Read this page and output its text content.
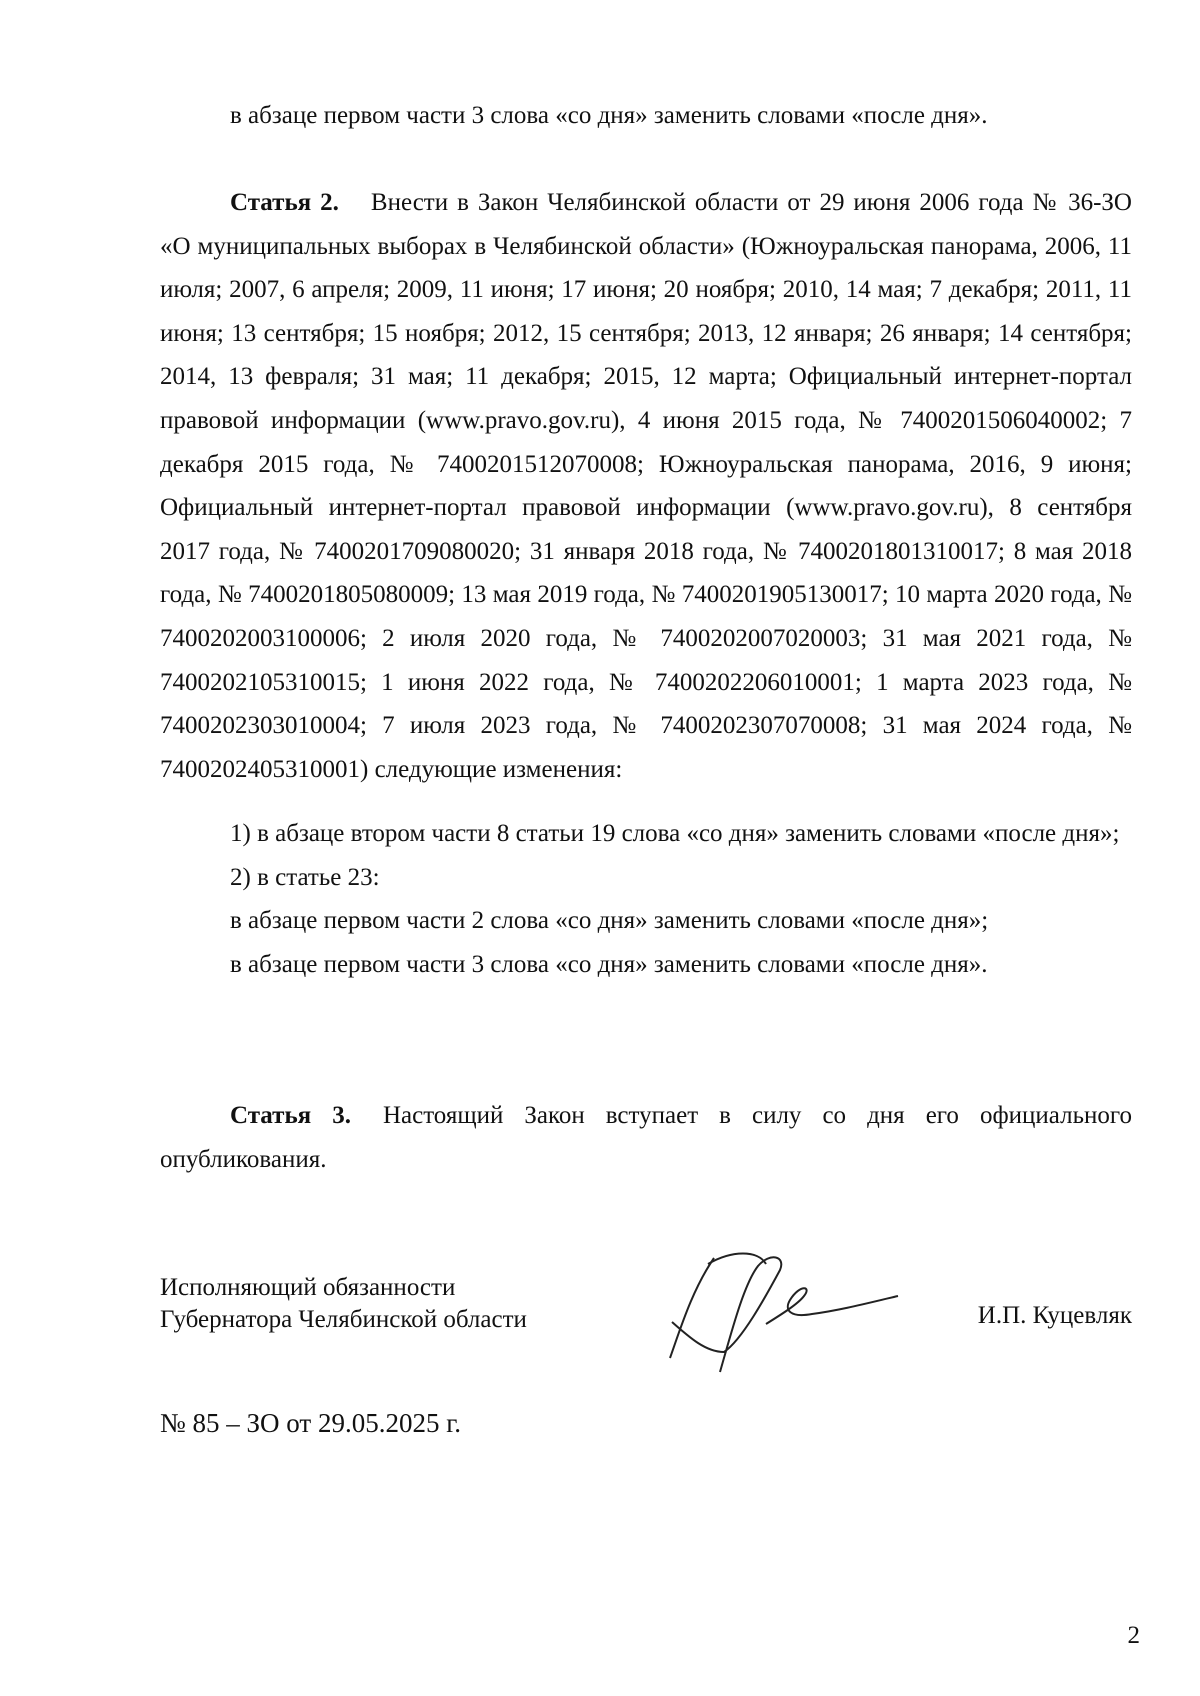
в абзаце первом части 3 слова «со дня» заменить словами «после дня».

Статья 2. Внести в Закон Челябинской области от 29 июня 2006 года № 36-ЗО «О муниципальных выборах в Челябинской области» (Южноуральская панорама, 2006, 11 июля; 2007, 6 апреля; 2009, 11 июня; 17 июня; 20 ноября; 2010, 14 мая; 7 декабря; 2011, 11 июня; 13 сентября; 15 ноября; 2012, 15 сентября; 2013, 12 января; 26 января; 14 сентября; 2014, 13 февраля; 31 мая; 11 декабря; 2015, 12 марта; Официальный интернет-портал правовой информации (www.pravo.gov.ru), 4 июня 2015 года, № 7400201506040002; 7 декабря 2015 года, № 7400201512070008; Южноуральская панорама, 2016, 9 июня; Официальный интернет-портал правовой информации (www.pravo.gov.ru), 8 сентября 2017 года, № 7400201709080020; 31 января 2018 года, № 7400201801310017; 8 мая 2018 года, № 7400201805080009; 13 мая 2019 года, № 7400201905130017; 10 марта 2020 года, № 7400202003100006; 2 июля 2020 года, № 7400202007020003; 31 мая 2021 года, № 7400202105310015; 1 июня 2022 года, № 7400202206010001; 1 марта 2023 года, № 7400202303010004; 7 июля 2023 года, № 7400202307070008; 31 мая 2024 года, № 7400202405310001) следующие изменения:

1) в абзаце втором части 8 статьи 19 слова «со дня» заменить словами «после дня»;

2) в статье 23:

в абзаце первом части 2 слова «со дня» заменить словами «после дня»;

в абзаце первом части 3 слова «со дня» заменить словами «после дня».

Статья 3. Настоящий Закон вступает в силу со дня его официального опубликования.

Исполняющий обязанности
Губернатора Челябинской области	И.П. Куцевляк
№ 85 – ЗО от 29.05.2025 г.
2
